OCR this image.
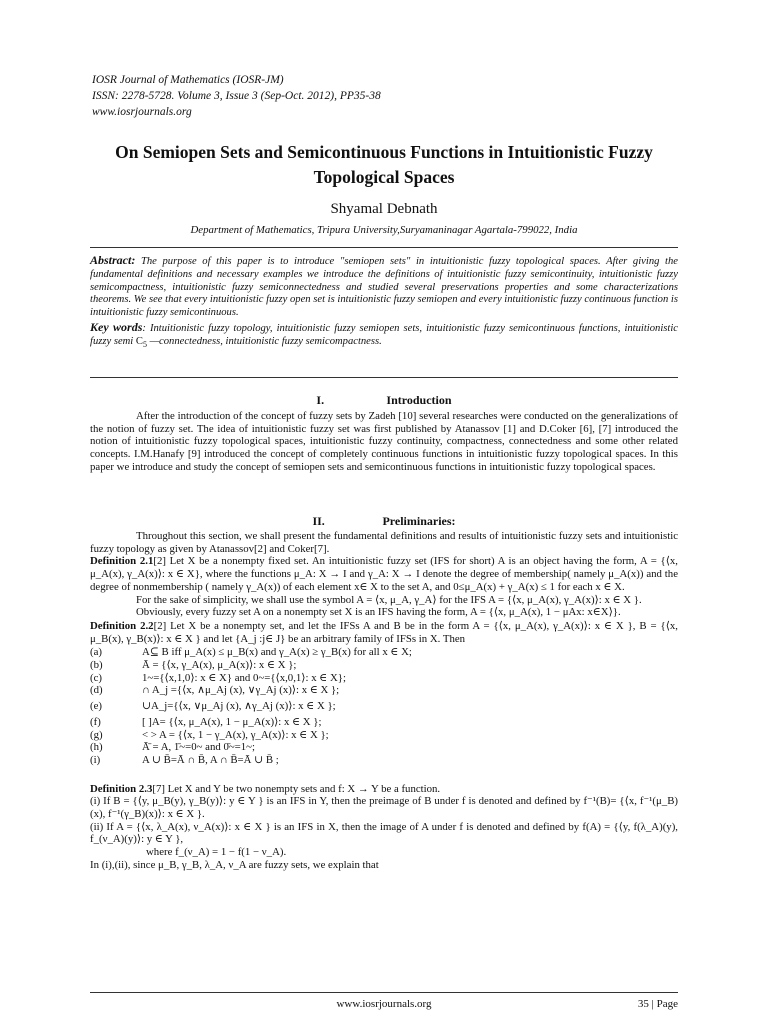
IOSR Journal of Mathematics (IOSR-JM)
ISSN: 2278-5728. Volume 3, Issue 3 (Sep-Oct. 2012), PP35-38
www.iosrjournals.org
On Semiopen Sets and Semicontinuous Functions in Intuitionistic Fuzzy Topological Spaces
Shyamal Debnath
Department of Mathematics, Tripura University,Suryamaninagar Agartala-799022, India
Abstract: The purpose of this paper is to introduce "semiopen sets" in intuitionistic fuzzy topological spaces. After giving the fundamental definitions and necessary examples we introduce the definitions of intuitionistic fuzzy semicontinuity, intuitionistic fuzzy semicompactness, intuitionistic fuzzy semiconnectedness and studied several preservations properties and some characterizations theorems. We see that every intuitionistic fuzzy open set is intuitionistic fuzzy semiopen and every intuitionistic fuzzy continuous function is intuitionistic fuzzy semicontinuous.
Key words: Intuitionistic fuzzy topology, intuitionistic fuzzy semiopen sets, intuitionistic fuzzy semicontinuous functions, intuitionistic fuzzy semi $C_5$ —connectedness, intuitionistic fuzzy semicompactness.
I.	Introduction

After the introduction of the concept of fuzzy sets by Zadeh [10] several researches were conducted on the generalizations of the notion of fuzzy set. The idea of intuitionistic fuzzy set was first published by Atanassov [1] and D.Coker [6], [7] introduced the notion of intuitionistic fuzzy topological spaces, intuitionistic fuzzy continuity, compactness, connectedness and some other related concepts. I.M.Hanafy [9] introduced the concept of completely continuous functions in intuitionistic fuzzy topological spaces. In this paper we introduce and study the concept of semiopen sets and semicontinuous functions in intuitionistic fuzzy topological spaces.

II.	Preliminaries:

Throughout this section, we shall present the fundamental definitions and results of intuitionistic fuzzy sets and intuitionistic fuzzy topology as given by Atanassov[2] and Coker[7].

Definition 2.1[2] Let X be a nonempty fixed set. An intuitionistic fuzzy set (IFS for short) A is an object having the form, A = {⟨x, μ_A(x), γ_A(x)⟩: x ∈ X}, where the functions μ_A: X → I and γ_A: X → I denote the degree of membership( namely μ_A(x)) and the degree of nonmembership ( namely γ_A(x)) of each element x∈ X to the set A, and 0≤μ_A(x) + γ_A(x) ≤ 1 for each x ∈ X.

For the sake of simplicity, we shall use the symbol A = ⟨x, μ_A, γ_A⟩ for the IFS A = {⟨x, μ_A(x), γ_A(x)⟩: x ∈ X }.

Obviously, every fuzzy set A on a nonempty set X is an IFS having the form, A = {⟨x, μ_A(x), 1 − μAx: x∈X⟩}.

Definition 2.2[2] Let X be a nonempty set, and let the IFSs A and B be in the form A = {⟨x, μ_A(x), γ_A(x)⟩: x ∈ X }, B = {⟨x, μ_B(x), γ_B(x)⟩: x ∈ X } and let {A_j :j∈ J} be an arbitrary family of IFSs in X. Then

(a)	A⊆ B iff μ_A(x) ≤ μ_B(x) and γ_A(x) ≥ γ_B(x) for all x ∈ X;
(b)	Ā = {⟨x, γ_A(x), μ_A(x)⟩: x ∈ X };
(c)	1~={⟨x,1,0⟩: x ∈ X} and 0~={⟨x,0,1⟩: x ∈ X};
(d)	∩ A_j ={⟨x, ∧μ_Aj (x), ∨γ_Aj (x)⟩: x ∈ X };
(e)	∪A_j={⟨x, ∨μ_Aj (x), ∧γ_Aj (x)⟩: x ∈ X };
(f)	[ ]A= {⟨x, μ_A(x), 1 − μ_A(x)⟩: x ∈ X };
(g)	< > A = {⟨x, 1 − γ_A(x), γ_A(x)⟩: x ∈ X };
(h)	Ā̄ = A, 1̄~=0~ and 0̄~=1~;
(i)	A ∪ B̄=Ā ∩ B̄, A ∩ B̄=Ā ∪ B̄ ;

Definition 2.3[7] Let X and Y be two nonempty sets and f: X → Y be a function.

(i) If B = {⟨y, μ_B(y), γ_B(y)⟩: y ∈ Y } is an IFS in Y, then the preimage of B under f is denoted and defined by f⁻¹(B)= {⟨x, f⁻¹(μ_B)(x), f⁻¹(γ_B)(x)⟩: x ∈ X }.

(ii) If A = {⟨x, λ_A(x), ν_A(x)⟩: x ∈ X } is an IFS in X, then the image of A under f is denoted and defined by f(A) = {⟨y, f(λ_A)(y), f_(ν_A)(y)⟩: y ∈ Y },

where f_(ν_A) = 1 − f(1 − ν_A).

In (i),(ii), since μ_B, γ_B, λ_A, ν_A are fuzzy sets, we explain that

www.iosrjournals.org	35 | Page
